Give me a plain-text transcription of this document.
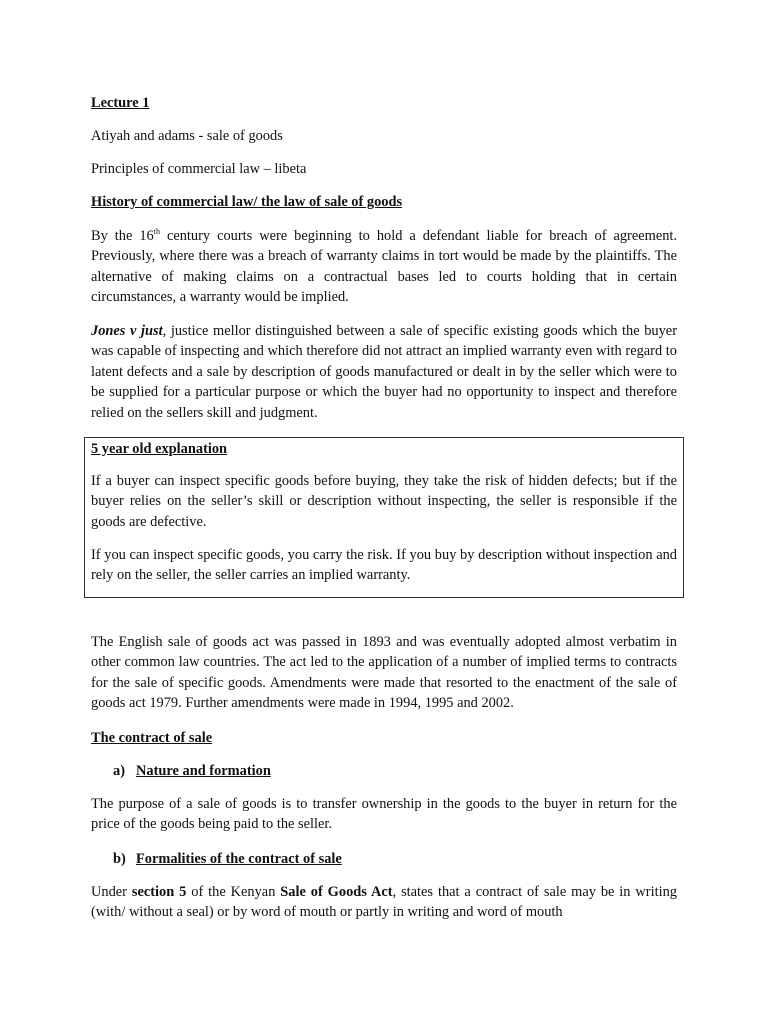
Lecture 1

Atiyah and adams - sale of goods

Principles of commercial law – libeta

History of commercial law/ the law of sale of goods

By the 16th century courts were beginning to hold a defendant liable for breach of agreement. Previously, where there was a breach of warranty claims in tort would be made by the plaintiffs. The alternative of making claims on a contractual bases led to courts holding that in certain circumstances, a warranty would be implied.

Jones v just, justice mellor distinguished between a sale of specific existing goods which the buyer was capable of inspecting and which therefore did not attract an implied warranty even with regard to latent defects and a sale by description of goods manufactured or dealt in by the seller which were to be supplied for a particular purpose or which the buyer had no opportunity to inspect and therefore relied on the sellers skill and judgment.

5 year old explanation

If a buyer can inspect specific goods before buying, they take the risk of hidden defects; but if the buyer relies on the seller’s skill or description without inspecting, the seller is responsible if the goods are defective.

If you can inspect specific goods, you carry the risk. If you buy by description without inspection and rely on the seller, the seller carries an implied warranty.

The English sale of goods act was passed in 1893 and was eventually adopted almost verbatim in other common law countries. The act led to the application of a number of implied terms to contracts for the sale of specific goods. Amendments were made that resorted to the enactment of the sale of goods act 1979. Further amendments were made in 1994, 1995 and 2002.

The contract of sale

a) Nature and formation

The purpose of a sale of goods is to transfer ownership in the goods to the buyer in return for the price of the goods being paid to the seller.

b) Formalities of the contract of sale

Under section 5 of the Kenyan Sale of Goods Act, states that a contract of sale may be in writing (with/ without a seal) or by word of mouth or partly in writing and word of mouth
